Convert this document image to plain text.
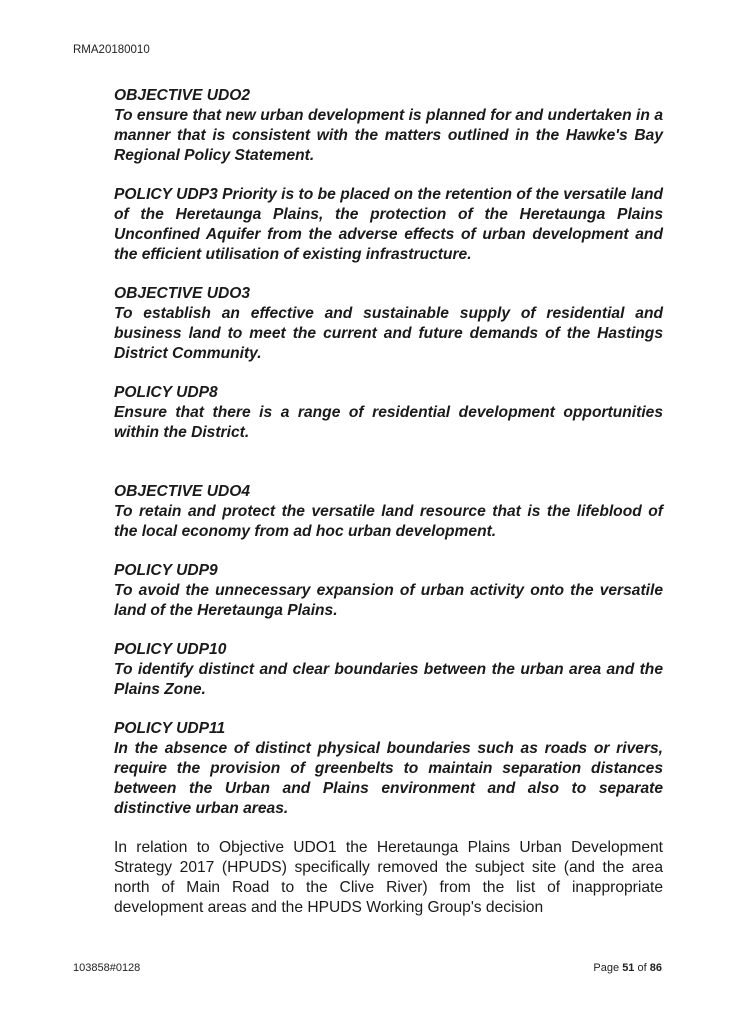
RMA20180010
OBJECTIVE UDO2
To ensure that new urban development is planned for and undertaken in a manner that is consistent with the matters outlined in the Hawke's Bay Regional Policy Statement.
POLICY UDP3 Priority is to be placed on the retention of the versatile land of the Heretaunga Plains, the protection of the Heretaunga Plains Unconfined Aquifer from the adverse effects of urban development and the efficient utilisation of existing infrastructure.
OBJECTIVE UDO3
To establish an effective and sustainable supply of residential and business land to meet the current and future demands of the Hastings District Community.
POLICY UDP8
Ensure that there is a range of residential development opportunities within the District.
OBJECTIVE UDO4
To retain and protect the versatile land resource that is the lifeblood of the local economy from ad hoc urban development.
POLICY UDP9
To avoid the unnecessary expansion of urban activity onto the versatile land of the Heretaunga Plains.
POLICY UDP10
To identify distinct and clear boundaries between the urban area and the Plains Zone.
POLICY UDP11
In the absence of distinct physical boundaries such as roads or rivers, require the provision of greenbelts to maintain separation distances between the Urban and Plains environment and also to separate distinctive urban areas.
In relation to Objective UDO1 the Heretaunga Plains Urban Development Strategy 2017 (HPUDS) specifically removed the subject site (and the area north of Main Road to the Clive River) from the list of inappropriate development areas and the HPUDS Working Group's decision
103858#0128	Page 51 of 86
